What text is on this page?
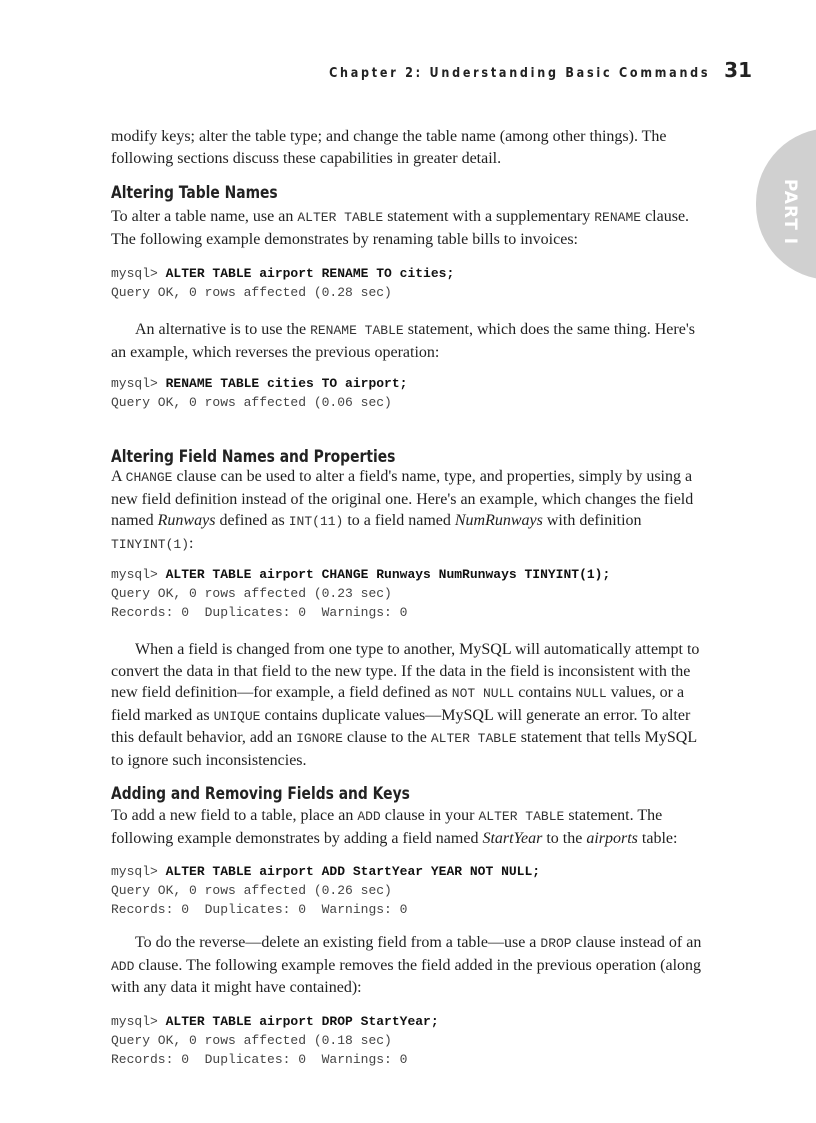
Chapter 2: Understanding Basic Commands 31
PART I

modify keys; alter the table type; and change the table name (among other things). The following sections discuss these capabilities in greater detail.

Altering Table Names

To alter a table name, use an ALTER TABLE statement with a supplementary RENAME clause. The following example demonstrates by renaming table bills to invoices:

mysql> ALTER TABLE airport RENAME TO cities;
Query OK, 0 rows affected (0.28 sec)

An alternative is to use the RENAME TABLE statement, which does the same thing. Here's an example, which reverses the previous operation:

mysql> RENAME TABLE cities TO airport;
Query OK, 0 rows affected (0.06 sec)
Altering Field Names and Properties

A CHANGE clause can be used to alter a field's name, type, and properties, simply by using a new field definition instead of the original one. Here's an example, which changes the field named Runways defined as INT(11) to a field named NumRunways with definition TINYINT(1):

mysql> ALTER TABLE airport CHANGE Runways NumRunways TINYINT(1);
Query OK, 0 rows affected (0.23 sec)
Records: 0  Duplicates: 0  Warnings: 0

When a field is changed from one type to another, MySQL will automatically attempt to convert the data in that field to the new type. If the data in the field is inconsistent with the new field definition—for example, a field defined as NOT NULL contains NULL values, or a field marked as UNIQUE contains duplicate values—MySQL will generate an error. To alter this default behavior, add an IGNORE clause to the ALTER TABLE statement that tells MySQL to ignore such inconsistencies.

Adding and Removing Fields and Keys

To add a new field to a table, place an ADD clause in your ALTER TABLE statement. The following example demonstrates by adding a field named StartYear to the airports table:

mysql> ALTER TABLE airport ADD StartYear YEAR NOT NULL;
Query OK, 0 rows affected (0.26 sec)
Records: 0  Duplicates: 0  Warnings: 0

To do the reverse—delete an existing field from a table—use a DROP clause instead of an ADD clause. The following example removes the field added in the previous operation (along with any data it might have contained):

mysql> ALTER TABLE airport DROP StartYear;
Query OK, 0 rows affected (0.18 sec)
Records: 0  Duplicates: 0  Warnings: 0
